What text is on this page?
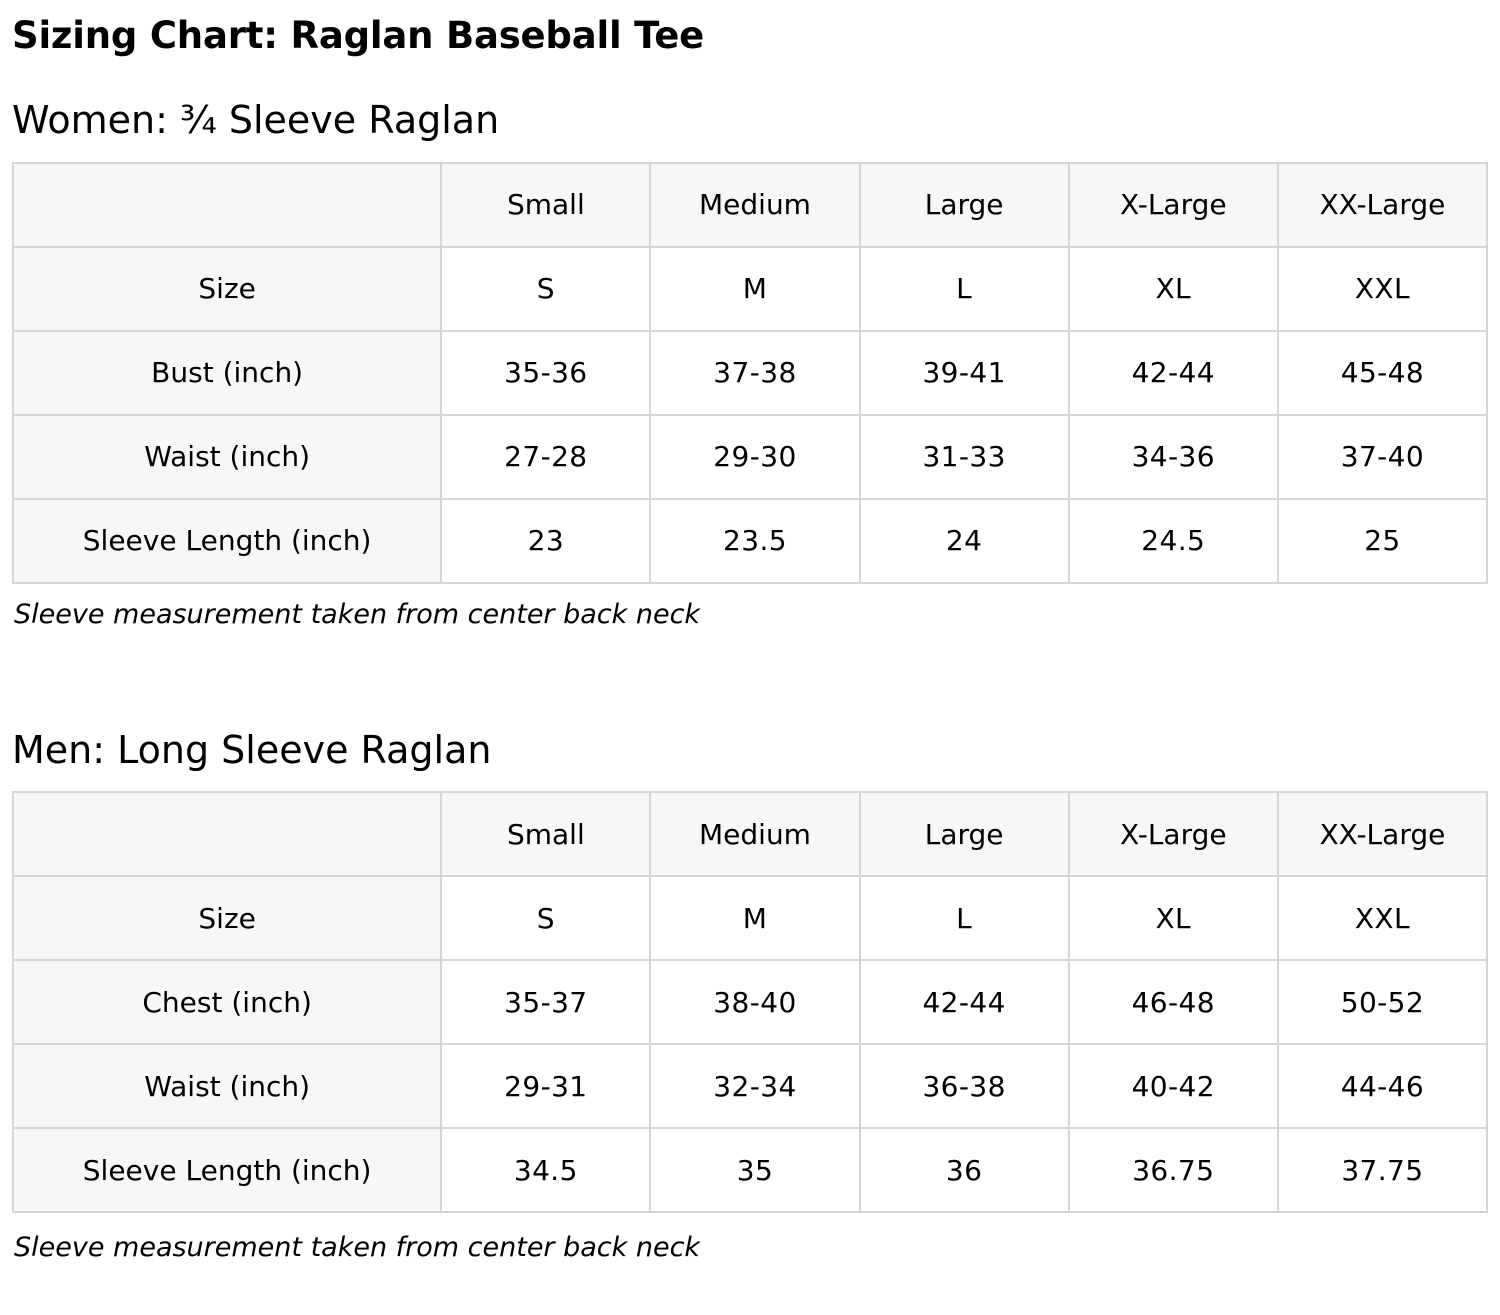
Sizing Chart: Raglan Baseball Tee
Women: ¾ Sleeve Raglan
	Small	Medium	Large	X-Large	XX-Large
Size	S	M	L	XL	XXL
Bust (inch)	35-36	37-38	39-41	42-44	45-48
Waist (inch)	27-28	29-30	31-33	34-36	37-40
Sleeve Length (inch)	23	23.5	24	24.5	25

Sleeve measurement taken from center back neck

Men: Long Sleeve Raglan
	Small	Medium	Large	X-Large	XX-Large
Size	S	M	L	XL	XXL
Chest (inch)	35-37	38-40	42-44	46-48	50-52
Waist (inch)	29-31	32-34	36-38	40-42	44-46
Sleeve Length (inch)	34.5	35	36	36.75	37.75

Sleeve measurement taken from center back neck
